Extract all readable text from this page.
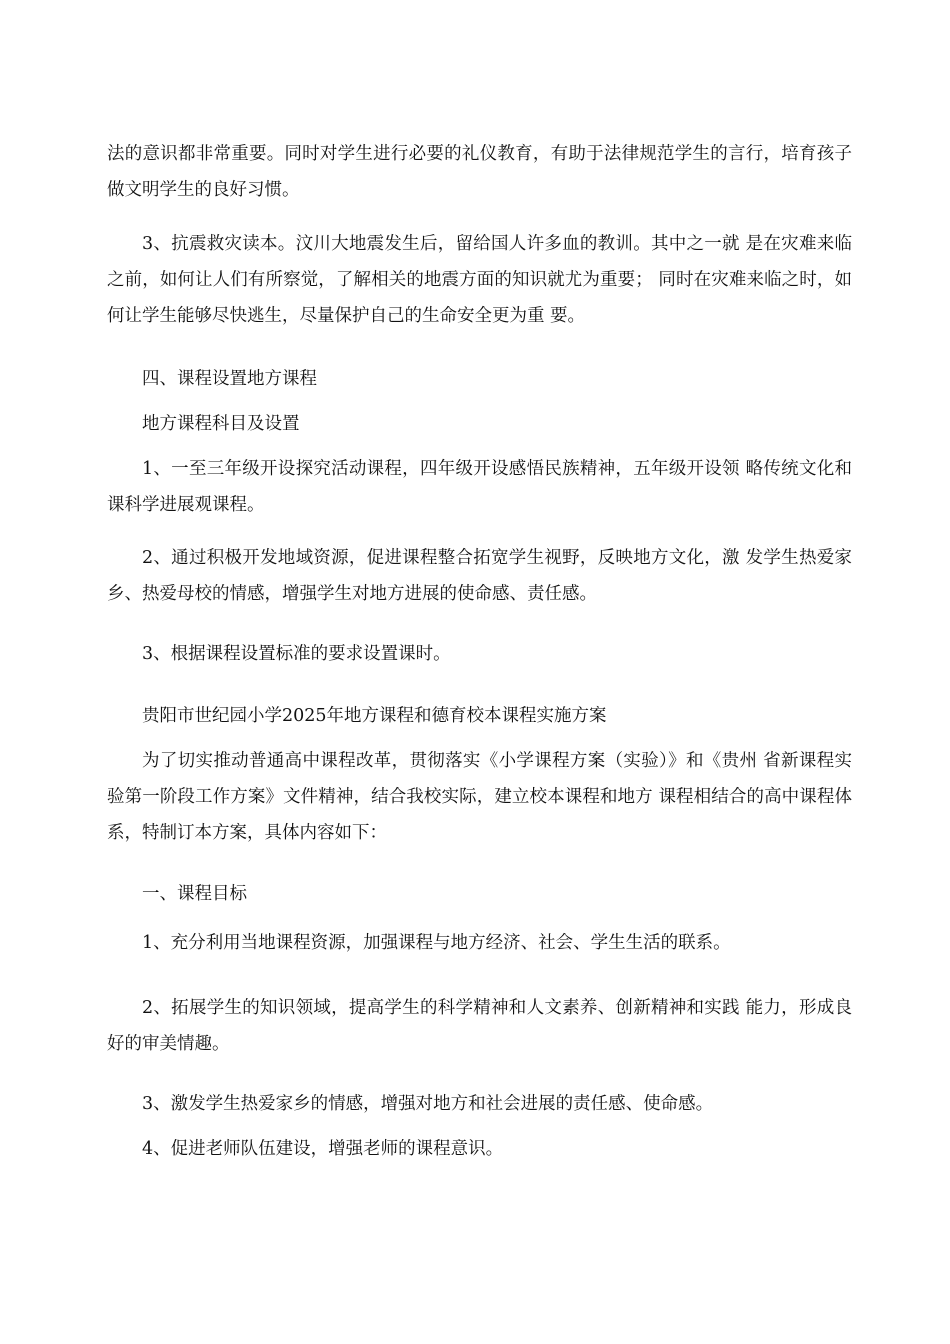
法的意识都非常重要。同时对学生进行必要的礼仪教育，有助于法律规范学生的言行，培育孩子做文明学生的良好习惯。

3、抗震救灾读本。汶川大地震发生后，留给国人许多血的教训。其中之一就 是在灾难来临之前，如何让人们有所察觉，了解相关的地震方面的知识就尤为重要； 同时在灾难来临之时，如何让学生能够尽快逃生，尽量保护自己的生命安全更为重 要。

四、课程设置地方课程

地方课程科目及设置

1、一至三年级开设探究活动课程，四年级开设感悟民族精神，五年级开设领 略传统文化和课科学进展观课程。

2、通过积极开发地域资源，促进课程整合拓宽学生视野，反映地方文化，激 发学生热爱家乡、热爱母校的情感，增强学生对地方进展的使命感、责任感。

3、根据课程设置标准的要求设置课时。

贵阳市世纪园小学2025年地方课程和德育校本课程实施方案

为了切实推动普通高中课程改革，贯彻落实《小学课程方案（实验）》和《贵州 省新课程实验第一阶段工作方案》文件精神，结合我校实际，建立校本课程和地方 课程相结合的高中课程体系，特制订本方案，具体内容如下：

一、课程目标

1、充分利用当地课程资源，加强课程与地方经济、社会、学生生活的联系。

2、拓展学生的知识领域，提高学生的科学精神和人文素养、创新精神和实践 能力，形成良好的审美情趣。

3、激发学生热爱家乡的情感，增强对地方和社会进展的责任感、使命感。

4、促进老师队伍建设，增强老师的课程意识。
